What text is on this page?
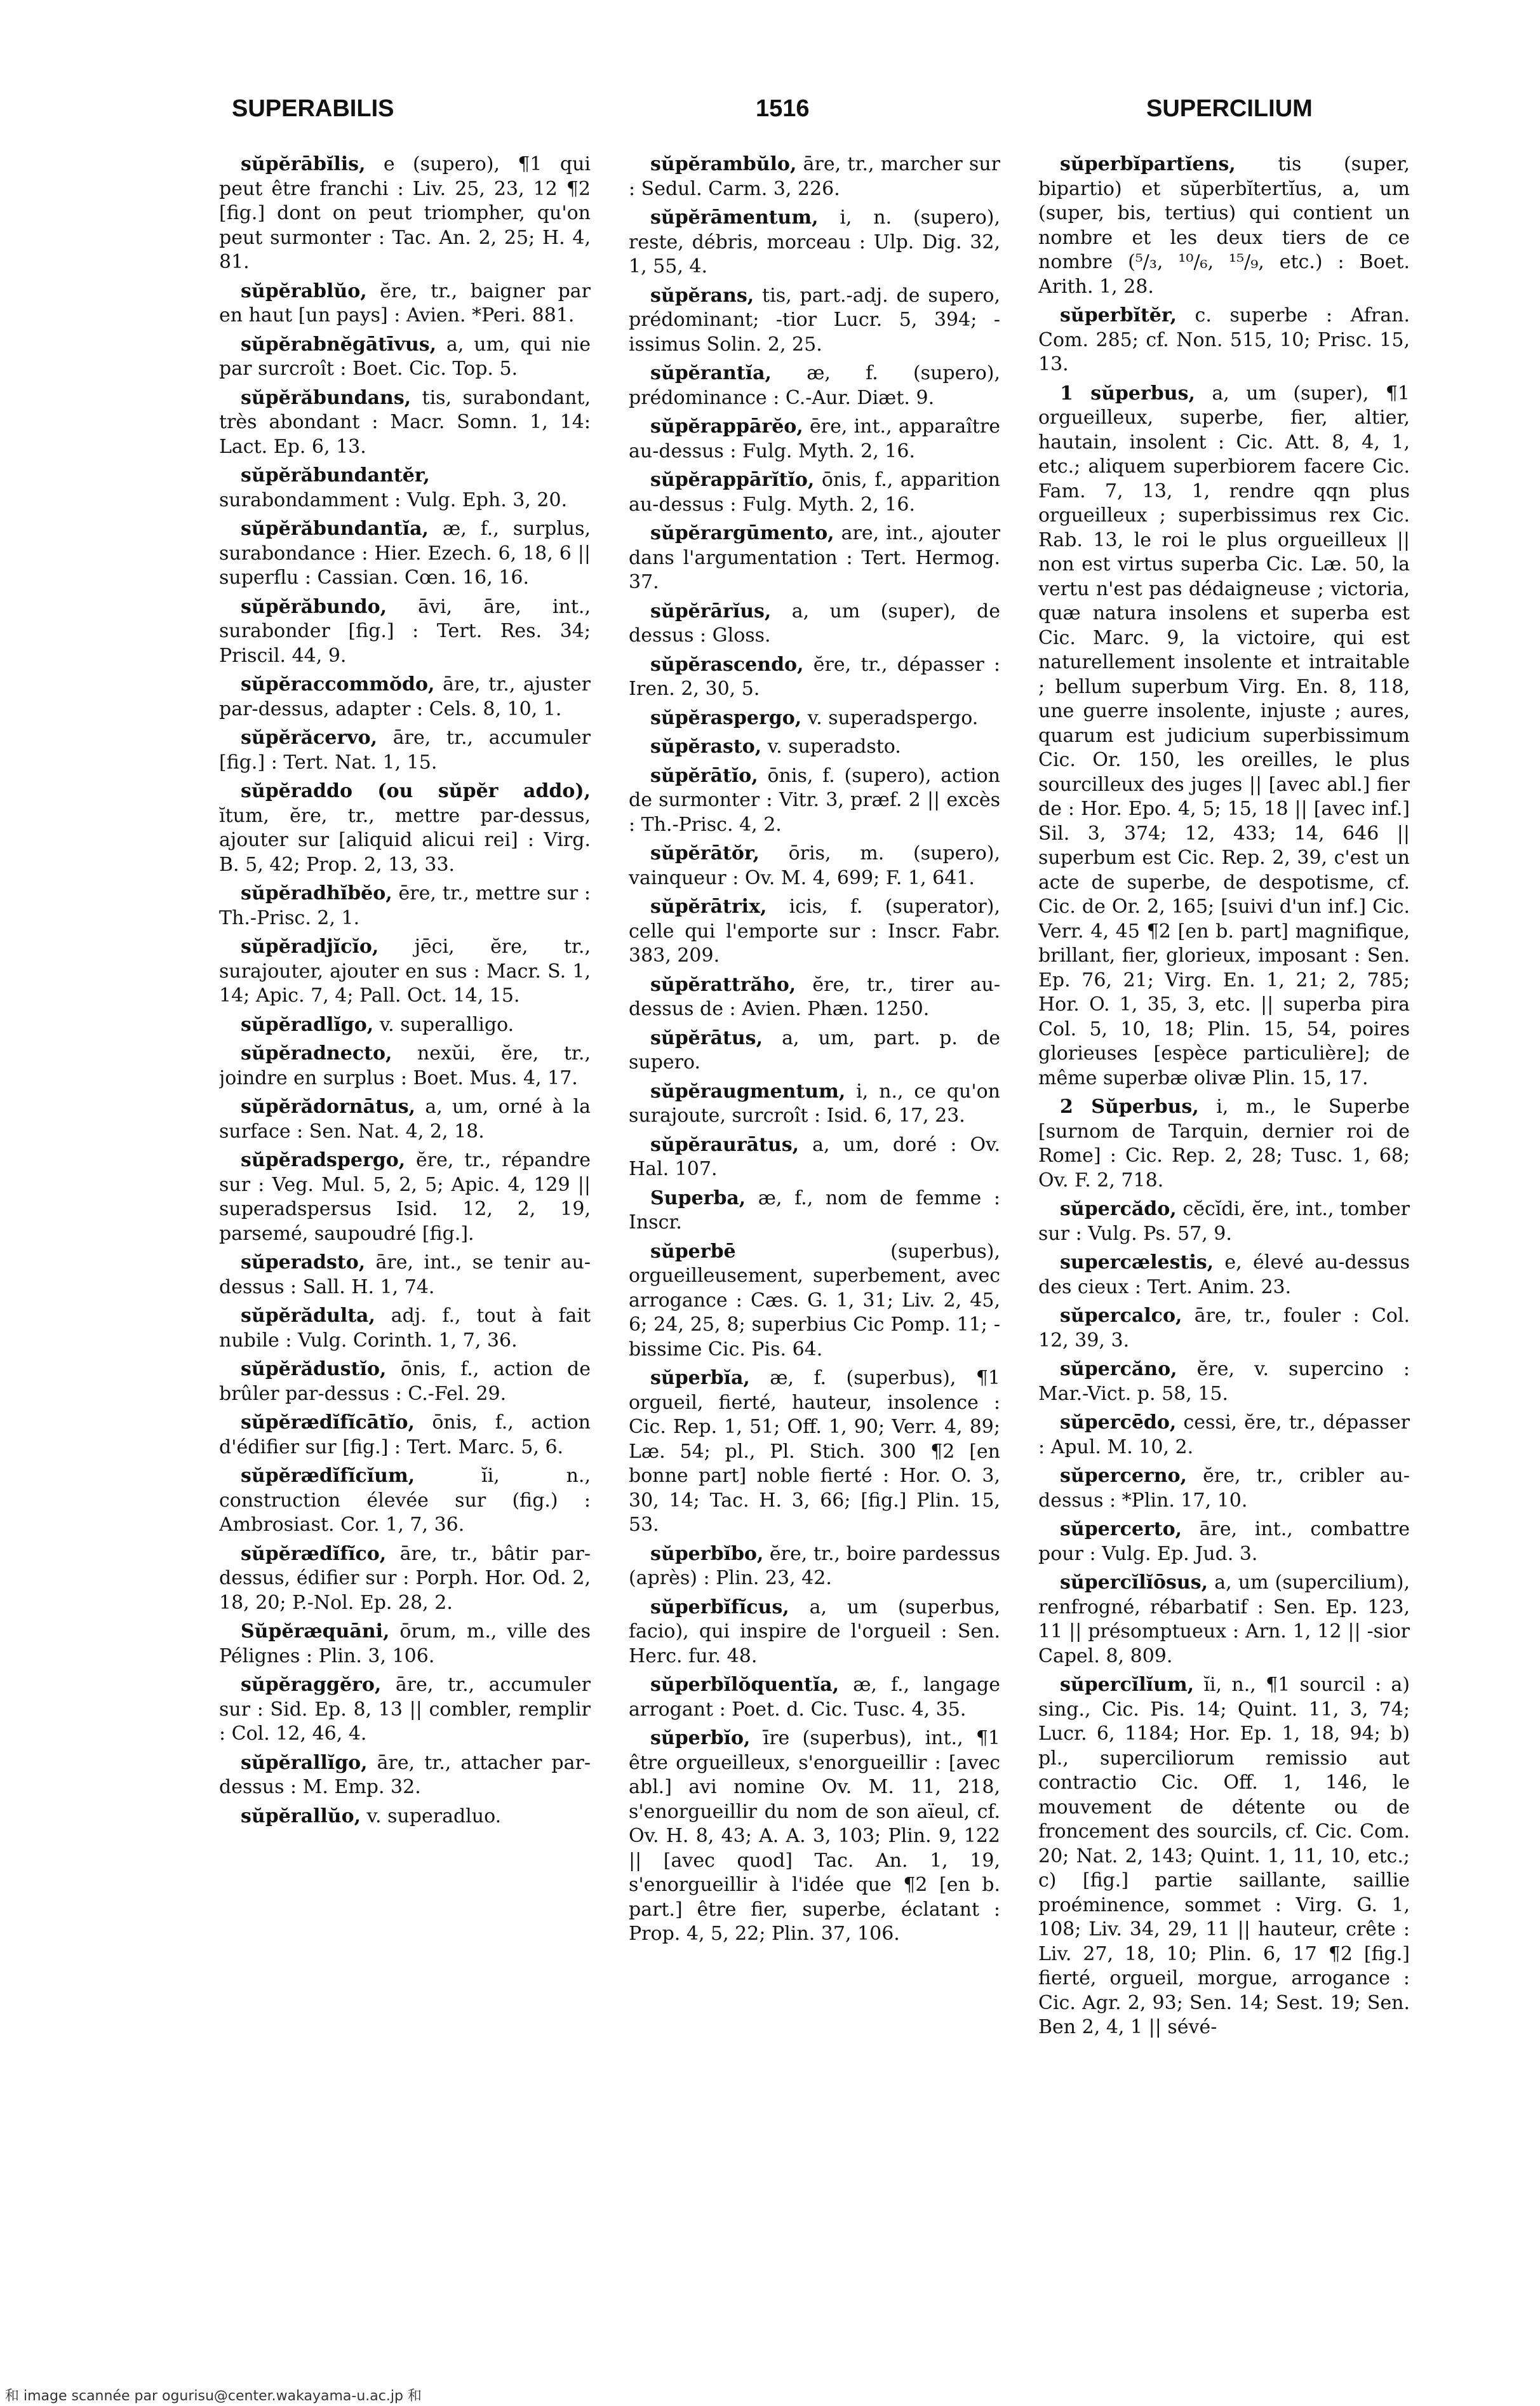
SUPERABILIS	1516	SUPERCILIUM

sŭpĕrābĭlis, e (supero), ¶1 qui peut être franchi : Liv. 25, 23, 12 ¶2 [fig.] dont on peut triompher, qu'on peut surmonter : Tac. An. 2, 25; H. 4, 81.

sŭpĕrablŭo, ĕre, tr., baigner par en haut [un pays] : Avien. *Peri. 881.

sŭpĕrabnĕgātīvus, a, um, qui nie par surcroît : Boet. Cic. Top. 5.

sŭpĕrăbundans, tis, surabondant, très abondant : Macr. Somn. 1, 14: Lact. Ep. 6, 13.

sŭpĕrăbundantĕr, surabondamment : Vulg. Eph. 3, 20.

sŭpĕrăbundantĭa, æ, f., surplus, surabondance : Hier. Ezech. 6, 18, 6 || superflu : Cassian. Cœn. 16, 16.

sŭpĕrăbundo, āvi, āre, int., surabonder [fig.] : Tert. Res. 34; Priscil. 44, 9.

sŭpĕraccommŏdo, āre, tr., ajuster par-dessus, adapter : Cels. 8, 10, 1.

sŭpĕrăcervo, āre, tr., accumuler [fig.] : Tert. Nat. 1, 15.

sŭpĕraddo (ou sŭpĕr addo), ĭtum, ĕre, tr., mettre par-dessus, ajouter sur [aliquid alicui rei] : Virg. B. 5, 42; Prop. 2, 13, 33.

sŭpĕradhĭbĕo, ēre, tr., mettre sur : Th.-Prisc. 2, 1.

sŭpĕradjĭcĭo, jēci, ĕre, tr., surajouter, ajouter en sus : Macr. S. 1, 14; Apic. 7, 4; Pall. Oct. 14, 15.

sŭpĕradlĭgo, v. superalligo.

sŭpĕradnecto, nexŭi, ĕre, tr., joindre en surplus : Boet. Mus. 4, 17.

sŭpĕrădornātus, a, um, orné à la surface : Sen. Nat. 4, 2, 18.

sŭpĕradspergo, ĕre, tr., répandre sur : Veg. Mul. 5, 2, 5; Apic. 4, 129 || superadspersus Isid. 12, 2, 19, parsemé, saupoudré [fig.].

sŭperadsto, āre, int., se tenir au-dessus : Sall. H. 1, 74.

sŭpĕrădulta, adj. f., tout à fait nubile : Vulg. Corinth. 1, 7, 36.

sŭpĕrădustĭo, ōnis, f., action de brûler par-dessus : C.-Fel. 29.

sŭpĕrædĭfĭcātĭo, ōnis, f., action d'édifier sur [fig.] : Tert. Marc. 5, 6.

sŭpĕrædĭfĭcĭum, ĭi, n., construction élevée sur (fig.) : Ambrosiast. Cor. 1, 7, 36.

sŭpĕrædĭfĭco, āre, tr., bâtir par-dessus, édifier sur : Porph. Hor. Od. 2, 18, 20; P.-Nol. Ep. 28, 2.

Sŭpĕræquāni, ōrum, m., ville des Pélignes : Plin. 3, 106.

sŭpĕraggĕro, āre, tr., accumuler sur : Sid. Ep. 8, 13 || combler, remplir : Col. 12, 46, 4.

sŭpĕrallĭgo, āre, tr., attacher par-dessus : M. Emp. 32.

sŭpĕrallŭo, v. superadluo.

sŭpĕrambŭlo, āre, tr., marcher sur : Sedul. Carm. 3, 226.

sŭpĕrāmentum, i, n. (supero), reste, débris, morceau : Ulp. Dig. 32, 1, 55, 4.

sŭpĕrans, tis, part.-adj. de supero, prédominant; -tior Lucr. 5, 394; -issimus Solin. 2, 25.

sŭpĕrantĭa, æ, f. (supero), prédominance : C.-Aur. Diæt. 9.

sŭpĕrappārĕo, ēre, int., apparaître au-dessus : Fulg. Myth. 2, 16.

sŭpĕrappārĭtĭo, ōnis, f., apparition au-dessus : Fulg. Myth. 2, 16.

sŭpĕrargūmento, are, int., ajouter dans l'argumentation : Tert. Hermog. 37.

sŭpĕrārĭus, a, um (super), de dessus : Gloss.

sŭpĕrascendo, ĕre, tr., dépasser : Iren. 2, 30, 5.

sŭpĕraspergo, v. superadspergo.

sŭpĕrasto, v. superadsto.

sŭpĕrātĭo, ōnis, f. (supero), action de surmonter : Vitr. 3, præf. 2 || excès : Th.-Prisc. 4, 2.

sŭpĕrātŏr, ōris, m. (supero), vainqueur : Ov. M. 4, 699; F. 1, 641.

sŭpĕrātrix, icis, f. (superator), celle qui l'emporte sur : Inscr. Fabr. 383, 209.

sŭpĕrattrăho, ĕre, tr., tirer au-dessus de : Avien. Phæn. 1250.

sŭpĕrātus, a, um, part. p. de supero.

sŭpĕraugmentum, i, n., ce qu'on surajoute, surcroît : Isid. 6, 17, 23.

sŭpĕraurātus, a, um, doré : Ov. Hal. 107.

Superba, æ, f., nom de femme : Inscr.

sŭperbē (superbus), orgueilleusement, superbement, avec arrogance : Cæs. G. 1, 31; Liv. 2, 45, 6; 24, 25, 8; superbius Cic Pomp. 11; -bissime Cic. Pis. 64.

sŭperbĭa, æ, f. (superbus), ¶1 orgueil, fierté, hauteur, insolence : Cic. Rep. 1, 51; Off. 1, 90; Verr. 4, 89; Læ. 54; pl., Pl. Stich. 300 ¶2 [en bonne part] noble fierté : Hor. O. 3, 30, 14; Tac. H. 3, 66; [fig.] Plin. 15, 53.

sŭperbĭbo, ĕre, tr., boire pardessus (après) : Plin. 23, 42.

sŭperbĭfĭcus, a, um (superbus, facio), qui inspire de l'orgueil : Sen. Herc. fur. 48.

sŭperbĭlŏquentĭa, æ, f., langage arrogant : Poet. d. Cic. Tusc. 4, 35.

sŭperbĭo, īre (superbus), int., ¶1 être orgueilleux, s'enorgueillir : [avec abl.] avi nomine Ov. M. 11, 218, s'enorgueillir du nom de son aïeul, cf. Ov. H. 8, 43; A. A. 3, 103; Plin. 9, 122 || [avec quod] Tac. An. 1, 19, s'enorgueillir à l'idée que ¶2 [en b. part.] être fier, superbe, éclatant : Prop. 4, 5, 22; Plin. 37, 106.

sŭperbĭpartĭens, tis (super, bipartio) et sŭperbĭtertĭus, a, um (super, bis, tertius) qui contient un nombre et les deux tiers de ce nombre (⁵/₃, ¹⁰/₆, ¹⁵/₉, etc.) : Boet. Arith. 1, 28.

sŭperbĭtĕr, c. superbe : Afran. Com. 285; cf. Non. 515, 10; Prisc. 15, 13.

1 sŭperbus, a, um (super), ¶1 orgueilleux, superbe, fier, altier, hautain, insolent : Cic. Att. 8, 4, 1, etc.; aliquem superbiorem facere Cic. Fam. 7, 13, 1, rendre qqn plus orgueilleux ; superbissimus rex Cic. Rab. 13, le roi le plus orgueilleux || non est virtus superba Cic. Læ. 50, la vertu n'est pas dédaigneuse ; victoria, quæ natura insolens et superba est Cic. Marc. 9, la victoire, qui est naturellement insolente et intraitable ; bellum superbum Virg. En. 8, 118, une guerre insolente, injuste ; aures, quarum est judicium superbissimum Cic. Or. 150, les oreilles, le plus sourcilleux des juges || [avec abl.] fier de : Hor. Epo. 4, 5; 15, 18 || [avec inf.] Sil. 3, 374; 12, 433; 14, 646 || superbum est Cic. Rep. 2, 39, c'est un acte de superbe, de despotisme, cf. Cic. de Or. 2, 165; [suivi d'un inf.] Cic. Verr. 4, 45 ¶2 [en b. part] magnifique, brillant, fier, glorieux, imposant : Sen. Ep. 76, 21; Virg. En. 1, 21; 2, 785; Hor. O. 1, 35, 3, etc. || superba pira Col. 5, 10, 18; Plin. 15, 54, poires glorieuses [espèce particulière]; de même superbæ olivæ Plin. 15, 17.

2 Sŭperbus, i, m., le Superbe [surnom de Tarquin, dernier roi de Rome] : Cic. Rep. 2, 28; Tusc. 1, 68; Ov. F. 2, 718.

sŭpercădo, cĕcĭdi, ĕre, int., tomber sur : Vulg. Ps. 57, 9.

supercælestis, e, élevé au-dessus des cieux : Tert. Anim. 23.

sŭpercalco, āre, tr., fouler : Col. 12, 39, 3.

sŭpercăno, ĕre, v. supercino : Mar.-Vict. p. 58, 15.

sŭpercēdo, cessi, ĕre, tr., dépasser : Apul. M. 10, 2.

sŭpercerno, ĕre, tr., cribler au-dessus : *Plin. 17, 10.

sŭpercerto, āre, int., combattre pour : Vulg. Ep. Jud. 3.

sŭpercĭlĭōsus, a, um (supercilium), renfrogné, rébarbatif : Sen. Ep. 123, 11 || présomptueux : Arn. 1, 12 || -sior Capel. 8, 809.

sŭpercĭlĭum, ĭi, n., ¶1 sourcil : a) sing., Cic. Pis. 14; Quint. 11, 3, 74; Lucr. 6, 1184; Hor. Ep. 1, 18, 94; b) pl., superciliorum remissio aut contractio Cic. Off. 1, 146, le mouvement de détente ou de froncement des sourcils, cf. Cic. Com. 20; Nat. 2, 143; Quint. 1, 11, 10, etc.; c) [fig.] partie saillante, saillie proéminence, sommet : Virg. G. 1, 108; Liv. 34, 29, 11 || hauteur, crête : Liv. 27, 18, 10; Plin. 6, 17 ¶2 [fig.] fierté, orgueil, morgue, arrogance : Cic. Agr. 2, 93; Sen. 14; Sest. 19; Sen. Ben 2, 4, 1 || sévé-

和 image scannée par ogurisu@center.wakayama-u.ac.jp 和
